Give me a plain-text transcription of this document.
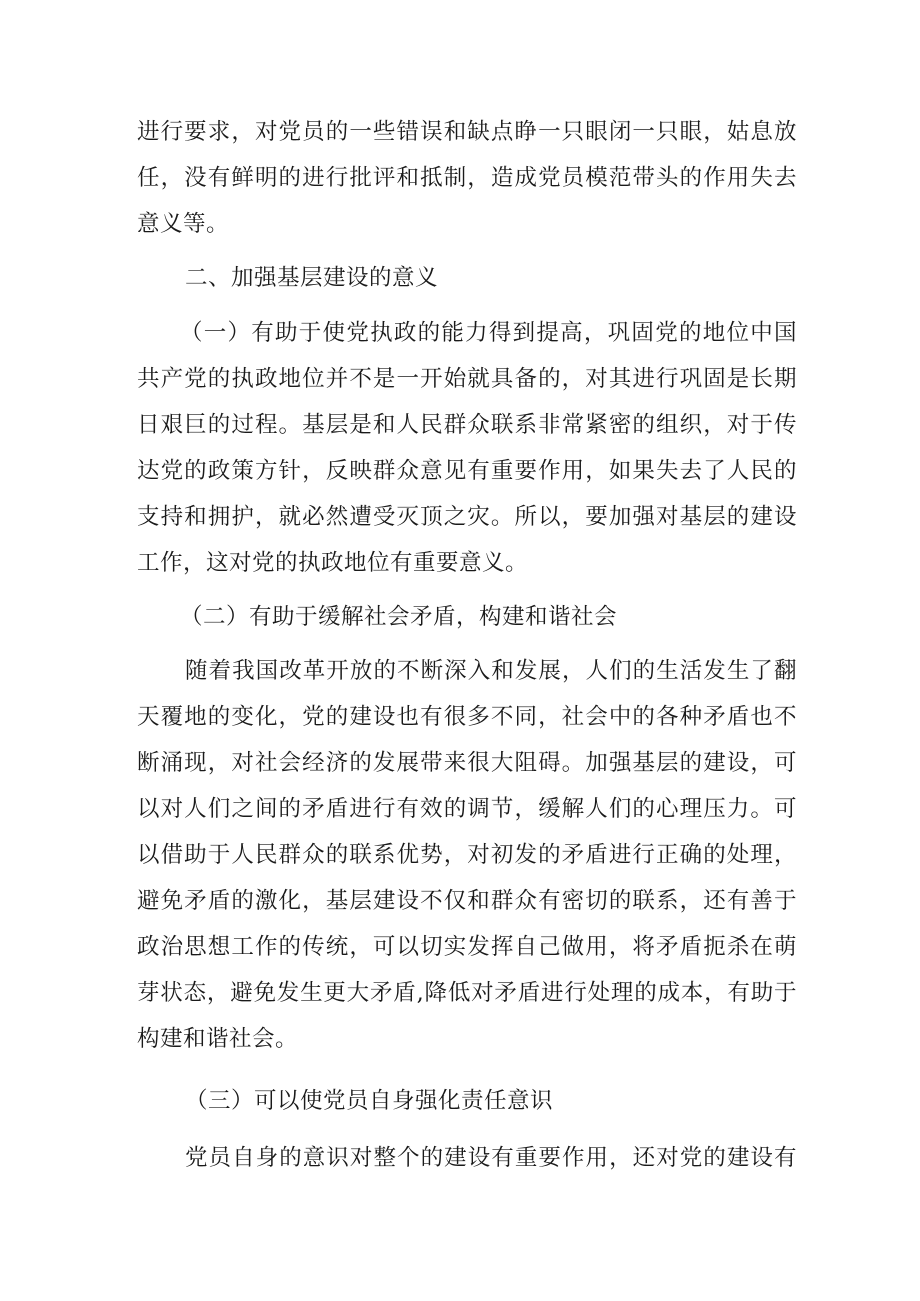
进行要求，对党员的一些错误和缺点睁一只眼闭一只眼，姑息放
任，没有鲜明的进行批评和抵制，造成党员模范带头的作用失去
意义等。
二、加强基层建设的意义
（一）有助于使党执政的能力得到提高，巩固党的地位中国
共产党的执政地位并不是一开始就具备的，对其进行巩固是长期
日艰巨的过程。基层是和人民群众联系非常紧密的组织，对于传
达党的政策方针，反映群众意见有重要作用，如果失去了人民的
支持和拥护，就必然遭受灭顶之灾。所以，要加强对基层的建设
工作，这对党的执政地位有重要意义。
（二）有助于缓解社会矛盾，构建和谐社会
随着我国改革开放的不断深入和发展，人们的生活发生了翻
天覆地的变化，党的建设也有很多不同，社会中的各种矛盾也不
断涌现，对社会经济的发展带来很大阻碍。加强基层的建设，可
以对人们之间的矛盾进行有效的调节，缓解人们的心理压力。可
以借助于人民群众的联系优势，对初发的矛盾进行正确的处理，
避免矛盾的激化，基层建设不仅和群众有密切的联系，还有善于
政治思想工作的传统，可以切实发挥自己做用，将矛盾扼杀在萌
芽状态，避免发生更大矛盾,降低对矛盾进行处理的成本，有助于
构建和谐社会。
（三）可以使党员自身强化责任意识
党员自身的意识对整个的建设有重要作用，还对党的建设有
